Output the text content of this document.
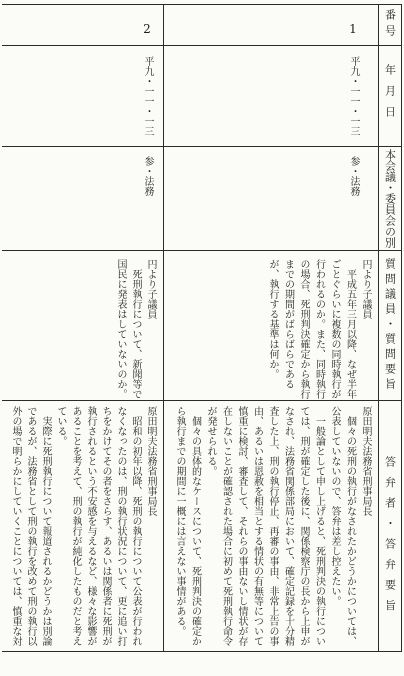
番号
年月日
本会議・委員会の別
質問議員・質問要旨
答弁者・答弁要旨
1
平九・一一・一三
参・法務
円より子議員
平成五年三月以降、なぜ半年
ごとぐらいに複数の同時執行が
行われるのか。また、同時執行
の場合、死刑判決確定から執行
までの期間がばらばらである
が、執行する基準は何か。
原田明夫法務省刑事局長
個々の死刑の執行がなされたかどうかについては、
公表していないので、答弁は差し控えたい。
一般論として申し上げると、死刑判決の執行につい
ては、刑が確定した後に、関係検察庁の長から上申が
なされ、法務省関係部局において、確定記録を十分精
査した上、刑の執行停止、再審の事由、非常上告の事
由、あるいは恩赦を相当とする情状の有無等について
慎重に検討、審査して、それらの事由ないし情状が存
在しないことが確認された場合に初めて死刑執行命令
が発せられる。
個々の具体的なケースについて、死刑判決の確定か
ら執行までの期間に一概には言えない事情がある。
2
平九・一一・一三
参・法務
円より子議員
死刑執行について、新聞等で
国民に発表はしていないのか。
原田明夫法務省刑事局長
昭和の初年以降、死刑の執行について公表が行われ
なくなったのは、刑の執行状況について、更に追い打
ちをかけてその者をさらす、あるいは関係者に死刑が
執行されるという不安感を与えるなど、様々な影響が
あることを考えて、刑の執行が純化したものだと考え
ている。
実際に死刑執行について報道されるかどうかは別論
であるが、法務省として刑の執行を改めて刑の執行以
外の場で明らかにしていくことについては、慎重な対
